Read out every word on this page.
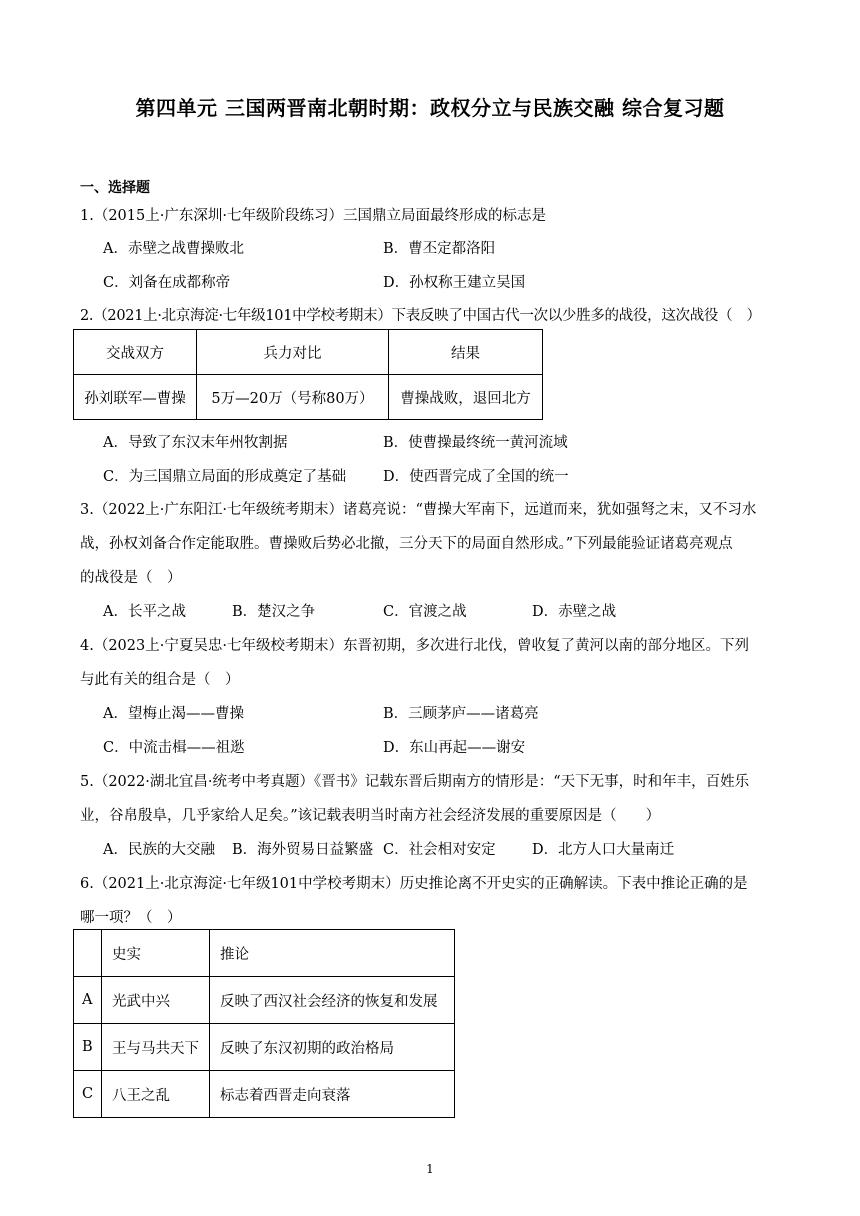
第四单元 三国两晋南北朝时期：政权分立与民族交融 综合复习题
一、选择题
1.（2015上·广东深圳·七年级阶段练习）三国鼎立局面最终形成的标志是
A．赤壁之战曹操败北	B．曹丕定都洛阳
C．刘备在成都称帝	D．孙权称王建立吴国
2.（2021上·北京海淀·七年级101中学校考期末）下表反映了中国古代一次以少胜多的战役，这次战役（　）
交战双方	兵力对比	结果
孙刘联军—曹操	5万—20万（号称80万）	曹操战败，退回北方
A．导致了东汉末年州牧割据	B．使曹操最终统一黄河流域
C．为三国鼎立局面的形成奠定了基础	D．使西晋完成了全国的统一
3.（2022上·广东阳江·七年级统考期末）诸葛亮说：“曹操大军南下，远道而来，犹如强弩之末，又不习水
战，孙权刘备合作定能取胜。曹操败后势必北撤，三分天下的局面自然形成。”下列最能验证诸葛亮观点
的战役是（　）
A．长平之战	B．楚汉之争	C．官渡之战	D．赤壁之战
4.（2023上·宁夏吴忠·七年级校考期末）东晋初期，多次进行北伐，曾收复了黄河以南的部分地区。下列
与此有关的组合是（　）
A．望梅止渴——曹操	B．三顾茅庐——诸葛亮
C．中流击楫——祖逖	D．东山再起——谢安
5.（2022·湖北宜昌·统考中考真题）《晋书》记载东晋后期南方的情形是：“天下无事，时和年丰，百姓乐
业，谷帛殷阜，几乎家给人足矣。”该记载表明当时南方社会经济发展的重要原因是（　　）
A．民族的大交融 B．海外贸易日益繁盛 C．社会相对安定	D．北方人口大量南迁
6.（2021上·北京海淀·七年级101中学校考期末）历史推论离不开史实的正确解读。下表中推论正确的是
哪一项？（　）
	史实	推论
A	光武中兴	反映了西汉社会经济的恢复和发展
B	王与马共天下	反映了东汉初期的政治格局
C	八王之乱	标志着西晋走向衰落
1
